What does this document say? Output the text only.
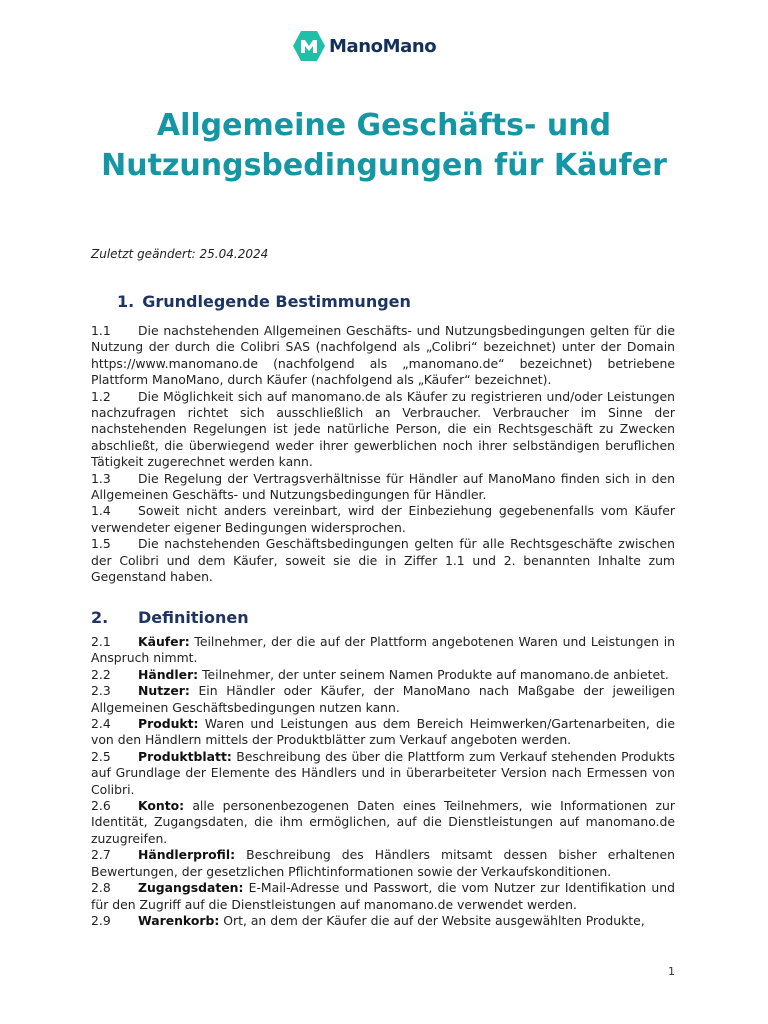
ManoMano
Allgemeine Geschäfts- und Nutzungsbedingungen für Käufer
Zuletzt geändert: 25.04.2024
1. Grundlegende Bestimmungen
1.1 Die nachstehenden Allgemeinen Geschäfts- und Nutzungsbedingungen gelten für die Nutzung der durch die Colibri SAS (nachfolgend als „Colibri“ bezeichnet) unter der Domain https://www.manomano.de (nachfolgend als „manomano.de“ bezeichnet) betriebene Plattform ManoMano, durch Käufer (nachfolgend als „Käufer“ bezeichnet).
1.2 Die Möglichkeit sich auf manomano.de als Käufer zu registrieren und/oder Leistungen nachzufragen richtet sich ausschließlich an Verbraucher. Verbraucher im Sinne der nachstehenden Regelungen ist jede natürliche Person, die ein Rechtsgeschäft zu Zwecken abschließt, die überwiegend weder ihrer gewerblichen noch ihrer selbständigen beruflichen Tätigkeit zugerechnet werden kann.
1.3 Die Regelung der Vertragsverhältnisse für Händler auf ManoMano finden sich in den Allgemeinen Geschäfts- und Nutzungsbedingungen für Händler.
1.4 Soweit nicht anders vereinbart, wird der Einbeziehung gegebenenfalls vom Käufer verwendeter eigener Bedingungen widersprochen.
1.5 Die nachstehenden Geschäftsbedingungen gelten für alle Rechtsgeschäfte zwischen der Colibri und dem Käufer, soweit sie die in Ziffer 1.1 und 2. benannten Inhalte zum Gegenstand haben.
2.	Definitionen
2.1 Käufer: Teilnehmer, der die auf der Plattform angebotenen Waren und Leistungen in Anspruch nimmt.
2.2 Händler: Teilnehmer, der unter seinem Namen Produkte auf manomano.de anbietet.
2.3 Nutzer: Ein Händler oder Käufer, der ManoMano nach Maßgabe der jeweiligen Allgemeinen Geschäftsbedingungen nutzen kann.
2.4 Produkt: Waren und Leistungen aus dem Bereich Heimwerken/Gartenarbeiten, die von den Händlern mittels der Produktblätter zum Verkauf angeboten werden.
2.5 Produktblatt: Beschreibung des über die Plattform zum Verkauf stehenden Produkts auf Grundlage der Elemente des Händlers und in überarbeiteter Version nach Ermessen von Colibri.
2.6 Konto: alle personenbezogenen Daten eines Teilnehmers, wie Informationen zur Identität, Zugangsdaten, die ihm ermöglichen, auf die Dienstleistungen auf manomano.de zuzugreifen.
2.7 Händlerprofil: Beschreibung des Händlers mitsamt dessen bisher erhaltenen Bewertungen, der gesetzlichen Pflichtinformationen sowie der Verkaufskonditionen.
2.8 Zugangsdaten: E-Mail-Adresse und Passwort, die vom Nutzer zur Identifikation und für den Zugriff auf die Dienstleistungen auf manomano.de verwendet werden.
2.9 Warenkorb: Ort, an dem der Käufer die auf der Website ausgewählten Produkte,
1
